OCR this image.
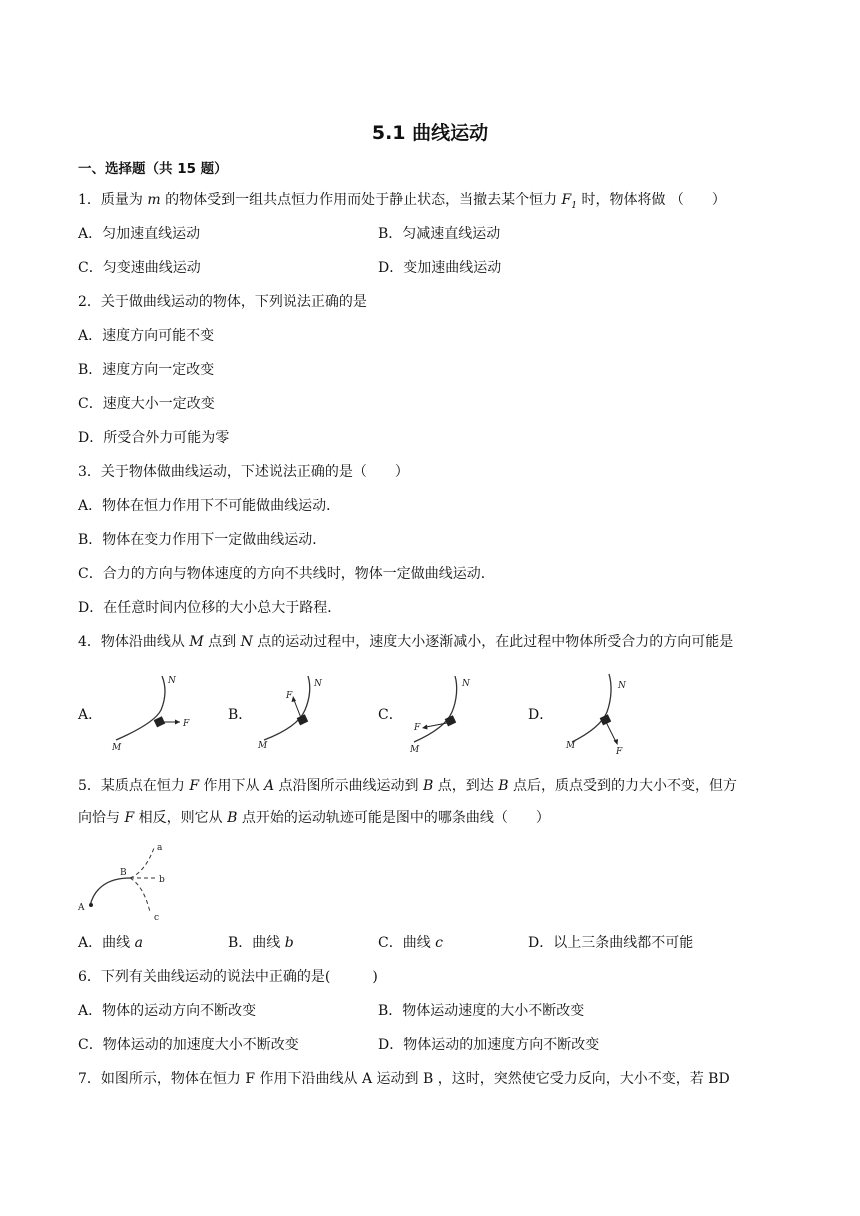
5.1 曲线运动
一、选择题（共 15 题）
1．质量为 m 的物体受到一组共点恒力作用而处于静止状态，当撤去某个恒力 $F_1$ 时，物体将做 （　　）
A．匀加速直线运动	B．匀减速直线运动
C．匀变速曲线运动	D．变加速曲线运动
2．关于做曲线运动的物体，下列说法正确的是
A．速度方向可能不变
B．速度方向一定改变
C．速度大小一定改变
D．所受合外力可能为零
3．关于物体做曲线运动，下述说法正确的是（　　）
A．物体在恒力作用下不可能做曲线运动．
B．物体在变力作用下一定做曲线运动．
C．合力的方向与物体速度的方向不共线时，物体一定做曲线运动．
D．在任意时间内位移的大小总大于路程．
4．物体沿曲线从 M 点到 N 点的运动过程中，速度大小逐渐减小，在此过程中物体所受合力的方向可能是
A．
M
N
F
B．
M
N
F
C．
M
N
F
D．
M
N
F
5．某质点在恒力 F 作用下从 A 点沿图所示曲线运动到 B 点，到达 B 点后，质点受到的力大小不变，但方
向恰与 F 相反，则它从 B 点开始的运动轨迹可能是图中的哪条曲线（　　）
A
B
a
b
c
A．曲线 a	B．曲线 b	C．曲线 c	D．以上三条曲线都不可能
6．下列有关曲线运动的说法中正确的是(　　　)
A．物体的运动方向不断改变	B．物体运动速度的大小不断改变
C．物体运动的加速度大小不断改变	D．物体运动的加速度方向不断改变
7．如图所示，物体在恒力 F 作用下沿曲线从 A 运动到 B ，这时，突然使它受力反向，大小不变，若 BD
